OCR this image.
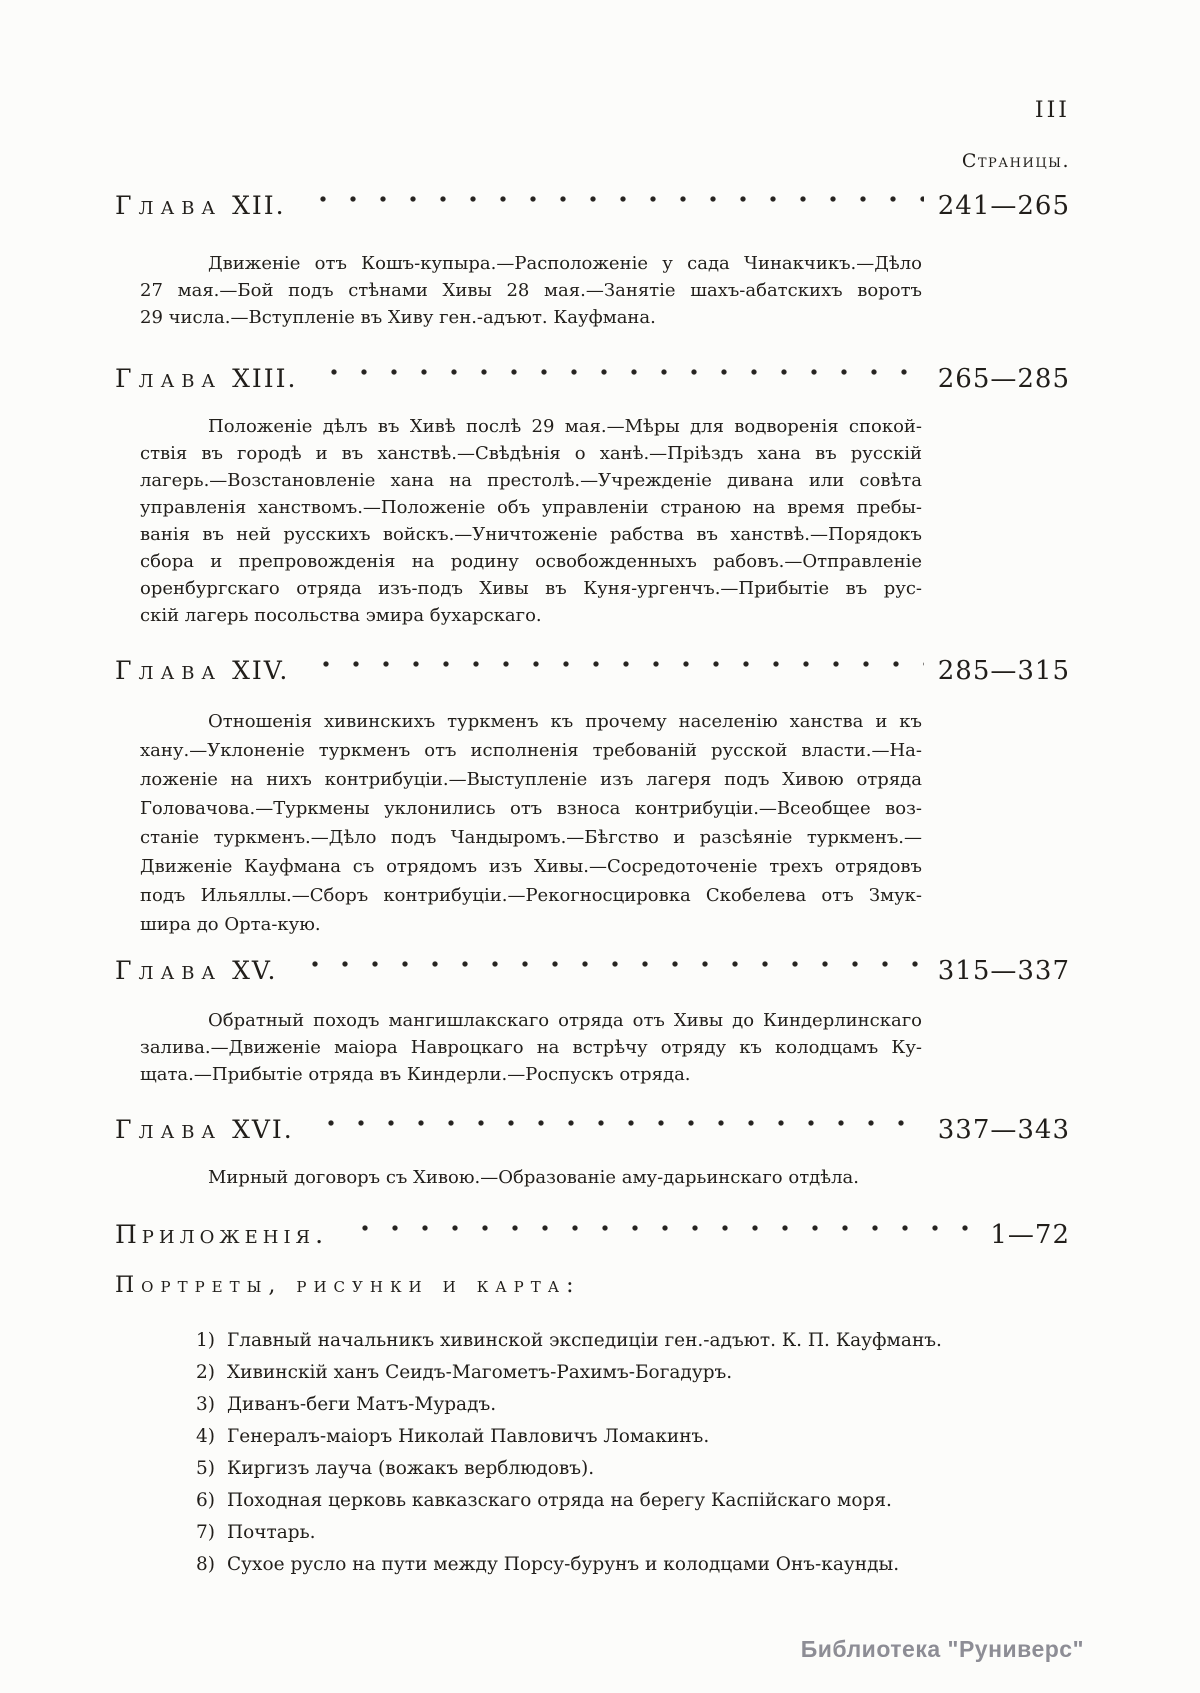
III
Страницы.
Глава XII.	241—265
Движеніе отъ Кошъ-купыра.—Расположеніе у сада Чинакчикъ.—Дѣло
27 мая.—Бой подъ стѣнами Хивы 28 мая.—Занятіе шахъ-абатскихъ воротъ
29 числа.—Вступленіе въ Хиву ген.-адъют. Кауфмана.
Глава XIII.	265—285
Положеніе дѣлъ въ Хивѣ послѣ 29 мая.—Мѣры для водворенія спокой-
ствія въ городѣ и въ ханствѣ.—Свѣдѣнія о ханѣ.—Пріѣздъ хана въ русскій
лагерь.—Возстановленіе хана на престолѣ.—Учрежденіе дивана или совѣта
управленія ханствомъ.—Положеніе объ управленіи страною на время пребы-
ванія въ ней русскихъ войскъ.—Уничтоженіе рабства въ ханствѣ.—Порядокъ
сбора и препровожденія на родину освобожденныхъ рабовъ.—Отправленіе
оренбургскаго отряда изъ-подъ Хивы въ Куня-ургенчъ.—Прибытіе въ рус-
скій лагерь посольства эмира бухарскаго.
Глава XIV.	285—315
Отношенія хивинскихъ туркменъ къ прочему населенію ханства и къ
хану.—Уклоненіе туркменъ отъ исполненія требованій русской власти.—На-
ложеніе на нихъ контрибуціи.—Выступленіе изъ лагеря подъ Хивою отряда
Головачова.—Туркмены уклонились отъ взноса контрибуціи.—Всеобщее воз-
станіе туркменъ.—Дѣло подъ Чандыромъ.—Бѣгство и разсѣяніе туркменъ.—
Движеніе Кауфмана съ отрядомъ изъ Хивы.—Сосредоточеніе трехъ отрядовъ
подъ Ильяллы.—Сборъ контрибуціи.—Рекогносцировка Скобелева отъ Змук-
шира до Орта-кую.
Глава XV.	315—337
Обратный походъ мангишлакскаго отряда отъ Хивы до Киндерлинскаго
залива.—Движеніе маіора Навроцкаго на встрѣчу отряду къ колодцамъ Ку-
щата.—Прибытіе отряда въ Киндерли.—Роспускъ отряда.
Глава XVI.	337—343
Мирный договоръ съ Хивою.—Образованіе аму-дарьинскаго отдѣла.
Приложенія.	1—72
Портреты, рисунки и карта:
1) Главный начальникъ хивинской экспедиціи ген.-адъют. К. П. Кауфманъ.
2) Хивинскій ханъ Сеидъ-Магометъ-Рахимъ-Богадуръ.
3) Диванъ-беги Матъ-Мурадъ.
4) Генералъ-маіоръ Николай Павловичъ Ломакинъ.
5) Киргизъ лауча (вожакъ верблюдовъ).
6) Походная церковь кавказскаго отряда на берегу Каспійскаго моря.
7) Почтарь.
8) Сухое русло на пути между Порсу-бурунъ и колодцами Онъ-каунды.
Библиотека "Руниверс"
